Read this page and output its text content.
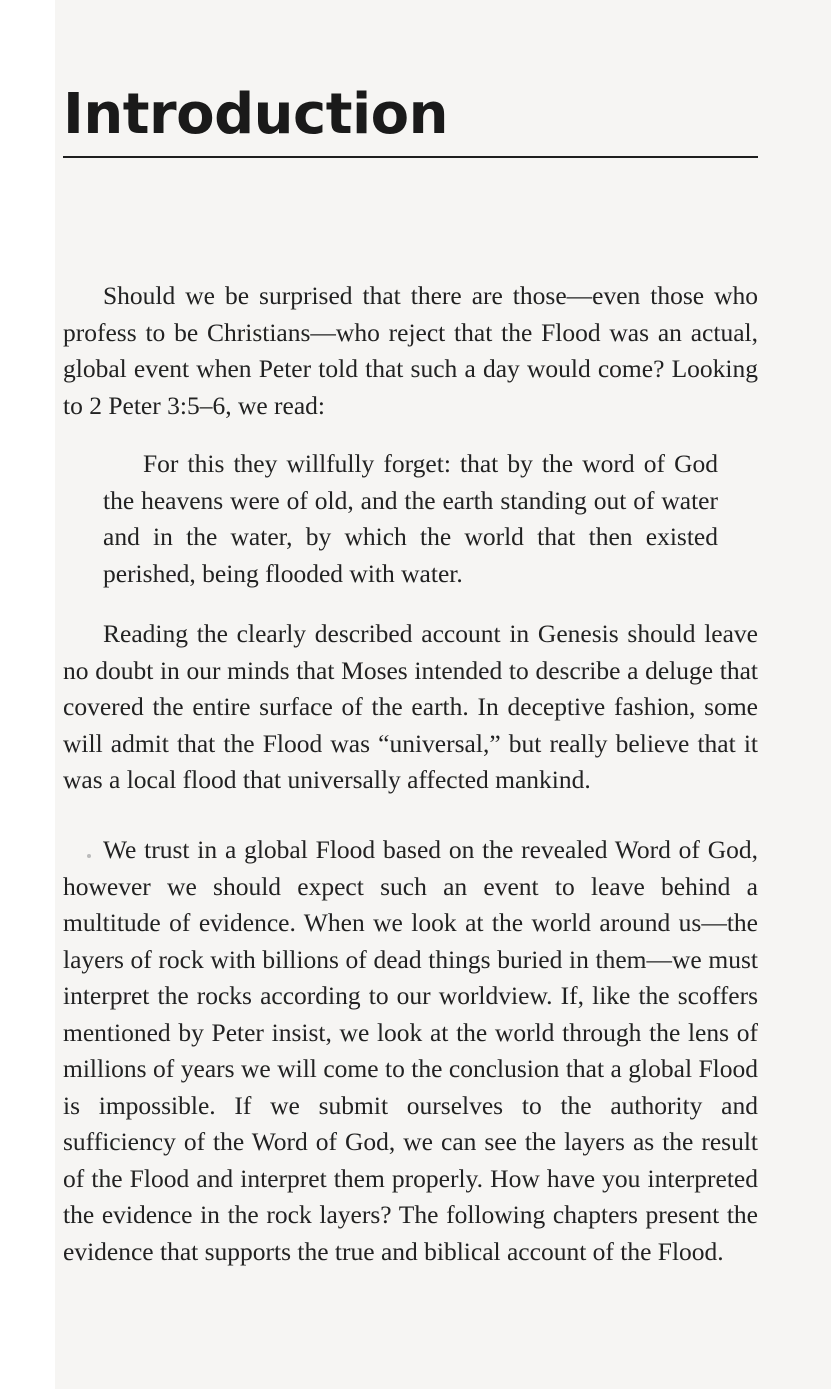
Introduction

Should we be surprised that there are those—even those who profess to be Christians—who reject that the Flood was an actual, global event when Peter told that such a day would come? Looking to 2 Peter 3:5–6, we read:

For this they willfully forget: that by the word of God the heavens were of old, and the earth standing out of water and in the water, by which the world that then existed perished, being flooded with water.

Reading the clearly described account in Genesis should leave no doubt in our minds that Moses intended to describe a deluge that covered the entire surface of the earth. In deceptive fashion, some will admit that the Flood was “universal,” but really believe that it was a local flood that universally affected mankind.

We trust in a global Flood based on the revealed Word of God, however we should expect such an event to leave behind a multitude of evidence. When we look at the world around us—the layers of rock with billions of dead things buried in them—we must interpret the rocks according to our worldview. If, like the scoffers mentioned by Peter insist, we look at the world through the lens of millions of years we will come to the conclusion that a global Flood is impossible. If we submit ourselves to the authority and sufficiency of the Word of God, we can see the layers as the result of the Flood and interpret them properly. How have you interpreted the evidence in the rock layers? The following chapters present the evidence that supports the true and biblical account of the Flood.
